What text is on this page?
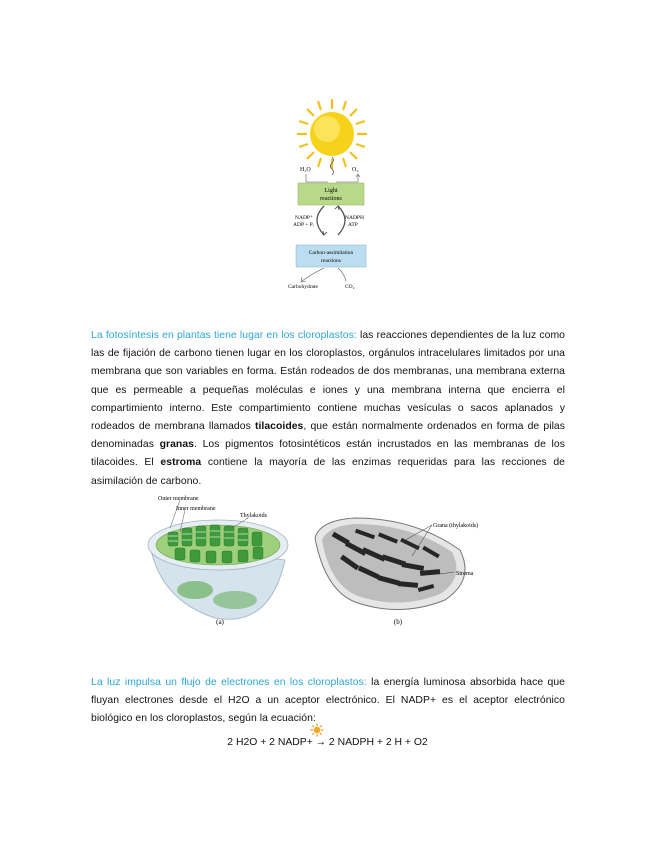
H₂O	O₂
Light
reactions
NADP⁺
ADP + Pᵢ
NADPH
ATP
Carbon-assimilation
reactions
Carbohydrate	CO₂
La fotosíntesis en plantas tiene lugar en los cloroplastos: las reacciones dependientes de la luz como las de fijación de carbono tienen lugar en los cloroplastos, orgánulos intracelulares limitados por una membrana que son variables en forma. Están rodeados de dos membranas, una membrana externa que es permeable a pequeñas moléculas e iones y una membrana interna que encierra el compartimiento interno. Este compartimiento contiene muchas vesículas o sacos aplanados y rodeados de membrana llamados tilacoides, que están normalmente ordenados en forma de pilas denominadas granas. Los pigmentos fotosintéticos están incrustados en las membranas de los tilacoides. El estroma contiene la mayoría de las enzimas requeridas para las recciones de asimilación de carbono.
Outer membrane
Inner membrane
Thylakoids
(a)
Grana (thylakoids)
Stroma
(b)
La luz impulsa un flujo de electrones en los cloroplastos: la energía luminosa absorbida hace que fluyan electrones desde el H2O a un aceptor electrónico. El NADP+ es el aceptor electrónico biológico en los cloroplastos, según la ecuación:
2 H2O + 2 NADP+ → 2 NADPH + 2 H + O2
